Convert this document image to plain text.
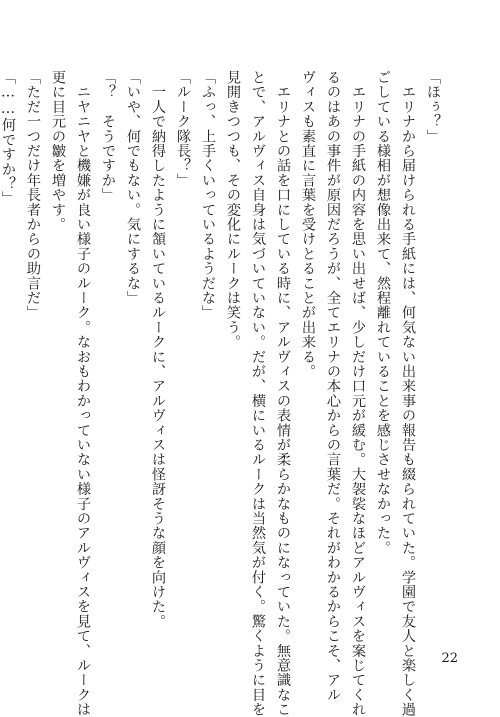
「ほぅ？」
　エリナから届けられる手紙には、何気ない出来事の報告も綴られていた。学園で友人と楽しく過
ごしている様相が想像出来て、然程離れていることを感じさせなかった。
　エリナの手紙の内容を思い出せば、少しだけ口元が緩む。大袈裟なほどアルヴィスを案じてくれ
るのはあの事件が原因だろうが、全てエリナの本心からの言葉だ。それがわかるからこそ、アル
ヴィスも素直に言葉を受けとることが出来る。
　エリナとの話を口にしている時に、アルヴィスの表情が柔らかなものになっていた。無意識なこ
とで、アルヴィス自身は気づいていない。だが、横にいるルークは当然気が付く。驚くように目を
見開きつつも、その変化にルークは笑う。
「ふっ、上手くいっているようだな」
「ルーク隊長？」
　一人で納得したように頷いているルークに、アルヴィスは怪訝そうな顔を向けた。
「いや、何でもない。気にするな」
「？　そうですか」
　ニヤニヤと機嫌が良い様子のルーク。なおもわかっていない様子のアルヴィスを見て、ルークは
更に目元の皺を増やす。
「ただ一つだけ年長者からの助言だ」
「……何ですか？」
22
